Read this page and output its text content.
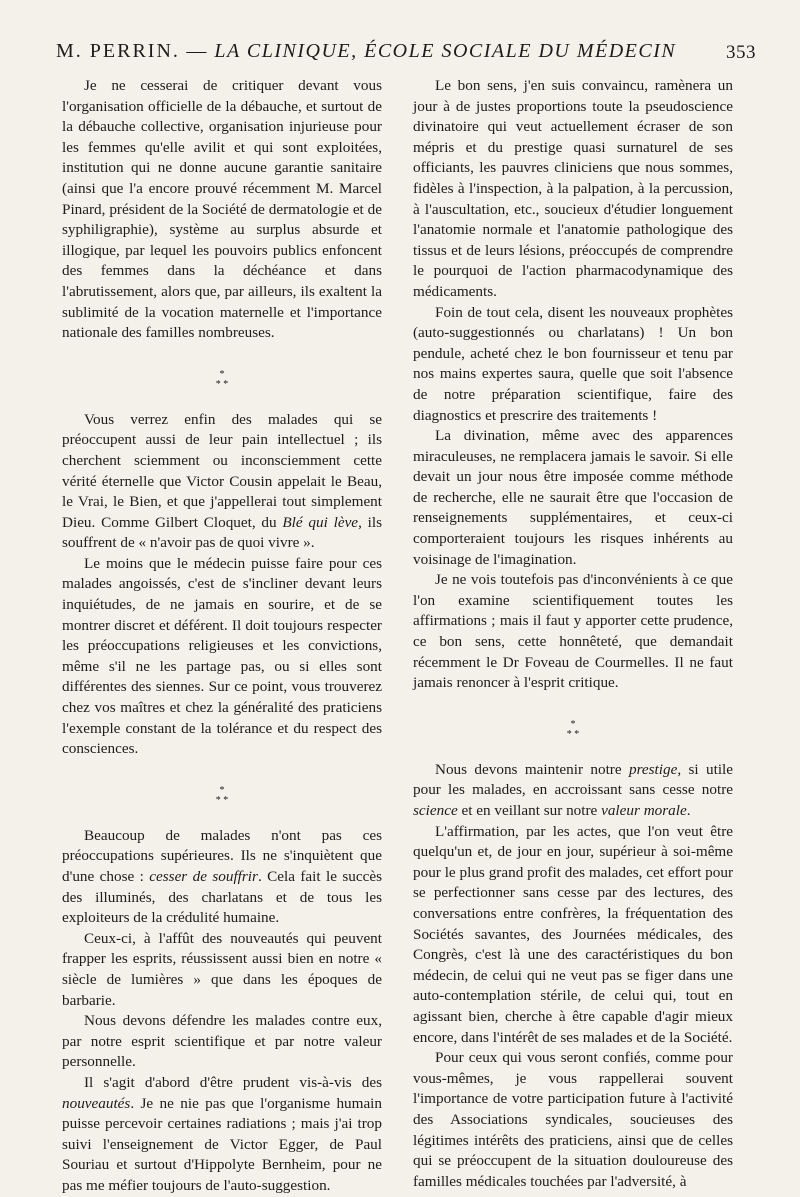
M. PERRIN. — LA CLINIQUE, ÉCOLE SOCIALE DU MÉDECIN	353

Je ne cesserai de critiquer devant vous l'organisation officielle de la débauche, et surtout de la débauche collective, organisation injurieuse pour les femmes qu'elle avilit et qui sont exploitées, institution qui ne donne aucune garantie sanitaire (ainsi que l'a encore prouvé récemment M. Marcel Pinard, président de la Société de dermatologie et de syphiligraphie), système au surplus absurde et illogique, par lequel les pouvoirs publics enfoncent des femmes dans la déchéance et dans l'abrutissement, alors que, par ailleurs, ils exaltent la sublimité de la vocation maternelle et l'importance nationale des familles nombreuses.

*
* *

Vous verrez enfin des malades qui se préoccupent aussi de leur pain intellectuel ; ils cherchent sciemment ou inconsciemment cette vérité éternelle que Victor Cousin appelait le Beau, le Vrai, le Bien, et que j'appellerai tout simplement Dieu. Comme Gilbert Cloquet, du Blé qui lève, ils souffrent de « n'avoir pas de quoi vivre ».

Le moins que le médecin puisse faire pour ces malades angoissés, c'est de s'incliner devant leurs inquiétudes, de ne jamais en sourire, et de se montrer discret et déférent. Il doit toujours respecter les préoccupations religieuses et les convictions, même s'il ne les partage pas, ou si elles sont différentes des siennes. Sur ce point, vous trouverez chez vos maîtres et chez la généralité des praticiens l'exemple constant de la tolérance et du respect des consciences.

*
* *

Beaucoup de malades n'ont pas ces préoccupations supérieures. Ils ne s'inquiètent que d'une chose : cesser de souffrir. Cela fait le succès des illuminés, des charlatans et de tous les exploiteurs de la crédulité humaine.

Ceux-ci, à l'affût des nouveautés qui peuvent frapper les esprits, réussissent aussi bien en notre « siècle de lumières » que dans les époques de barbarie.

Nous devons défendre les malades contre eux, par notre esprit scientifique et par notre valeur personnelle.

Il s'agit d'abord d'être prudent vis-à-vis des nouveautés. Je ne nie pas que l'organisme humain puisse percevoir certaines radiations ; mais j'ai trop suivi l'enseignement de Victor Egger, de Paul Souriau et surtout d'Hippolyte Bernheim, pour ne pas me méfier toujours de l'auto-suggestion.

Le bon sens, j'en suis convaincu, ramènera un jour à de justes proportions toute la pseudoscience divinatoire qui veut actuellement écraser de son mépris et du prestige quasi surnaturel de ses officiants, les pauvres cliniciens que nous sommes, fidèles à l'inspection, à la palpation, à la percussion, à l'auscultation, etc., soucieux d'étudier longuement l'anatomie normale et l'anatomie pathologique des tissus et de leurs lésions, préoccupés de comprendre le pourquoi de l'action pharmacodynamique des médicaments.

Foin de tout cela, disent les nouveaux prophètes (auto-suggestionnés ou charlatans) ! Un bon pendule, acheté chez le bon fournisseur et tenu par nos mains expertes saura, quelle que soit l'absence de notre préparation scientifique, faire des diagnostics et prescrire des traitements !

La divination, même avec des apparences miraculeuses, ne remplacera jamais le savoir. Si elle devait un jour nous être imposée comme méthode de recherche, elle ne saurait être que l'occasion de renseignements supplémentaires, et ceux-ci comporteraient toujours les risques inhérents au voisinage de l'imagination.

Je ne vois toutefois pas d'inconvénients à ce que l'on examine scientifiquement toutes les affirmations ; mais il faut y apporter cette prudence, ce bon sens, cette honnêteté, que demandait récemment le Dr Foveau de Courmelles. Il ne faut jamais renoncer à l'esprit critique.

*
* *

Nous devons maintenir notre prestige, si utile pour les malades, en accroissant sans cesse notre science et en veillant sur notre valeur morale.

L'affirmation, par les actes, que l'on veut être quelqu'un et, de jour en jour, supérieur à soi-même pour le plus grand profit des malades, cet effort pour se perfectionner sans cesse par des lectures, des conversations entre confrères, la fréquentation des Sociétés savantes, des Journées médicales, des Congrès, c'est là une des caractéristiques du bon médecin, de celui qui ne veut pas se figer dans une auto-contemplation stérile, de celui qui, tout en agissant bien, cherche à être capable d'agir mieux encore, dans l'intérêt de ses malades et de la Société.

Pour ceux qui vous seront confiés, comme pour vous-mêmes, je vous rappellerai souvent l'importance de votre participation future à l'activité des Associations syndicales, soucieuses des légitimes intérêts des praticiens, ainsi que de celles qui se préoccupent de la situation douloureuse des familles médicales touchées par l'adversité, à
